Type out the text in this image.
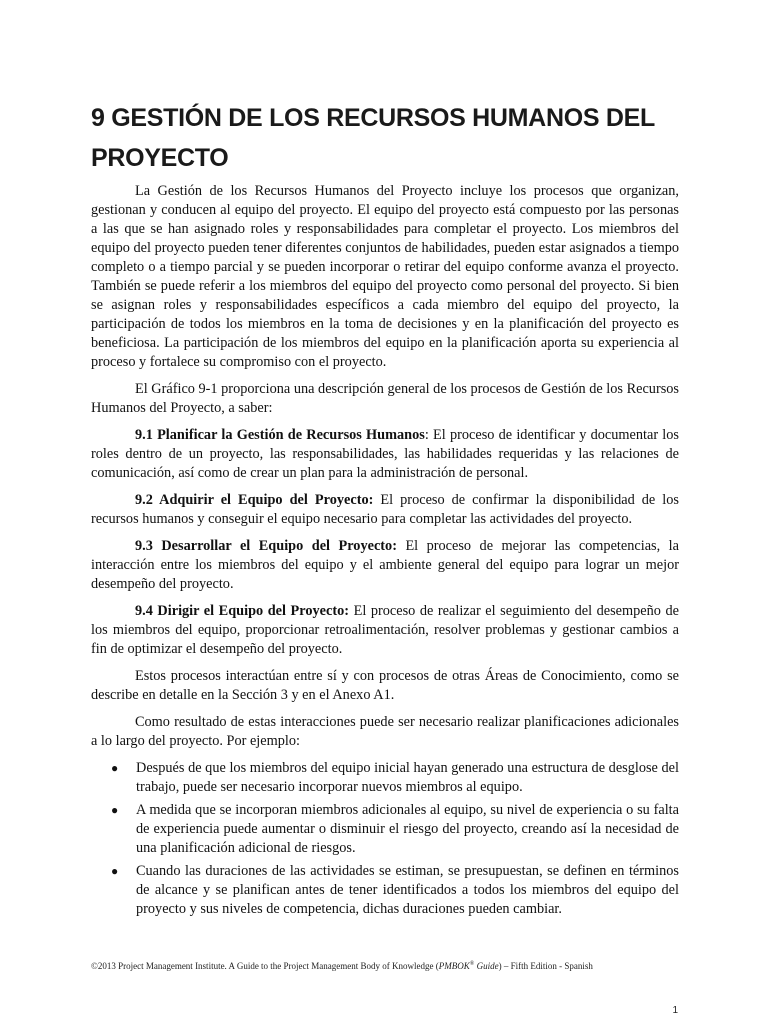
9 GESTIÓN DE LOS RECURSOS HUMANOS DEL
PROYECTO

La Gestión de los Recursos Humanos del Proyecto incluye los procesos que organizan, gestionan y conducen al equipo del proyecto. El equipo del proyecto está compuesto por las personas a las que se han asignado roles y responsabilidades para completar el proyecto. Los miembros del equipo del proyecto pueden tener diferentes conjuntos de habilidades, pueden estar asignados a tiempo completo o a tiempo parcial y se pueden incorporar o retirar del equipo conforme avanza el proyecto. También se puede referir a los miembros del equipo del proyecto como personal del proyecto. Si bien se asignan roles y responsabilidades específicos a cada miembro del equipo del proyecto, la participación de todos los miembros en la toma de decisiones y en la planificación del proyecto es beneficiosa. La participación de los miembros del equipo en la planificación aporta su experiencia al proceso y fortalece su compromiso con el proyecto.

El Gráfico 9-1 proporciona una descripción general de los procesos de Gestión de los Recursos Humanos del Proyecto, a saber:

9.1 Planificar la Gestión de Recursos Humanos: El proceso de identificar y documentar los roles dentro de un proyecto, las responsabilidades, las habilidades requeridas y las relaciones de comunicación, así como de crear un plan para la administración de personal.

9.2 Adquirir el Equipo del Proyecto: El proceso de confirmar la disponibilidad de los recursos humanos y conseguir el equipo necesario para completar las actividades del proyecto.

9.3 Desarrollar el Equipo del Proyecto: El proceso de mejorar las competencias, la interacción entre los miembros del equipo y el ambiente general del equipo para lograr un mejor desempeño del proyecto.

9.4 Dirigir el Equipo del Proyecto: El proceso de realizar el seguimiento del desempeño de los miembros del equipo, proporcionar retroalimentación, resolver problemas y gestionar cambios a fin de optimizar el desempeño del proyecto.

Estos procesos interactúan entre sí y con procesos de otras Áreas de Conocimiento, como se describe en detalle en la Sección 3 y en el Anexo A1.

Como resultado de estas interacciones puede ser necesario realizar planificaciones adicionales a lo largo del proyecto. Por ejemplo:

● Después de que los miembros del equipo inicial hayan generado una estructura de desglose del trabajo, puede ser necesario incorporar nuevos miembros al equipo.
● A medida que se incorporan miembros adicionales al equipo, su nivel de experiencia o su falta de experiencia puede aumentar o disminuir el riesgo del proyecto, creando así la necesidad de una planificación adicional de riesgos.
● Cuando las duraciones de las actividades se estiman, se presupuestan, se definen en términos de alcance y se planifican antes de tener identificados a todos los miembros del equipo del proyecto y sus niveles de competencia, dichas duraciones pueden cambiar.
©2013 Project Management Institute. A Guide to the Project Management Body of Knowledge (PMBOK® Guide) – Fifth Edition - Spanish
1
